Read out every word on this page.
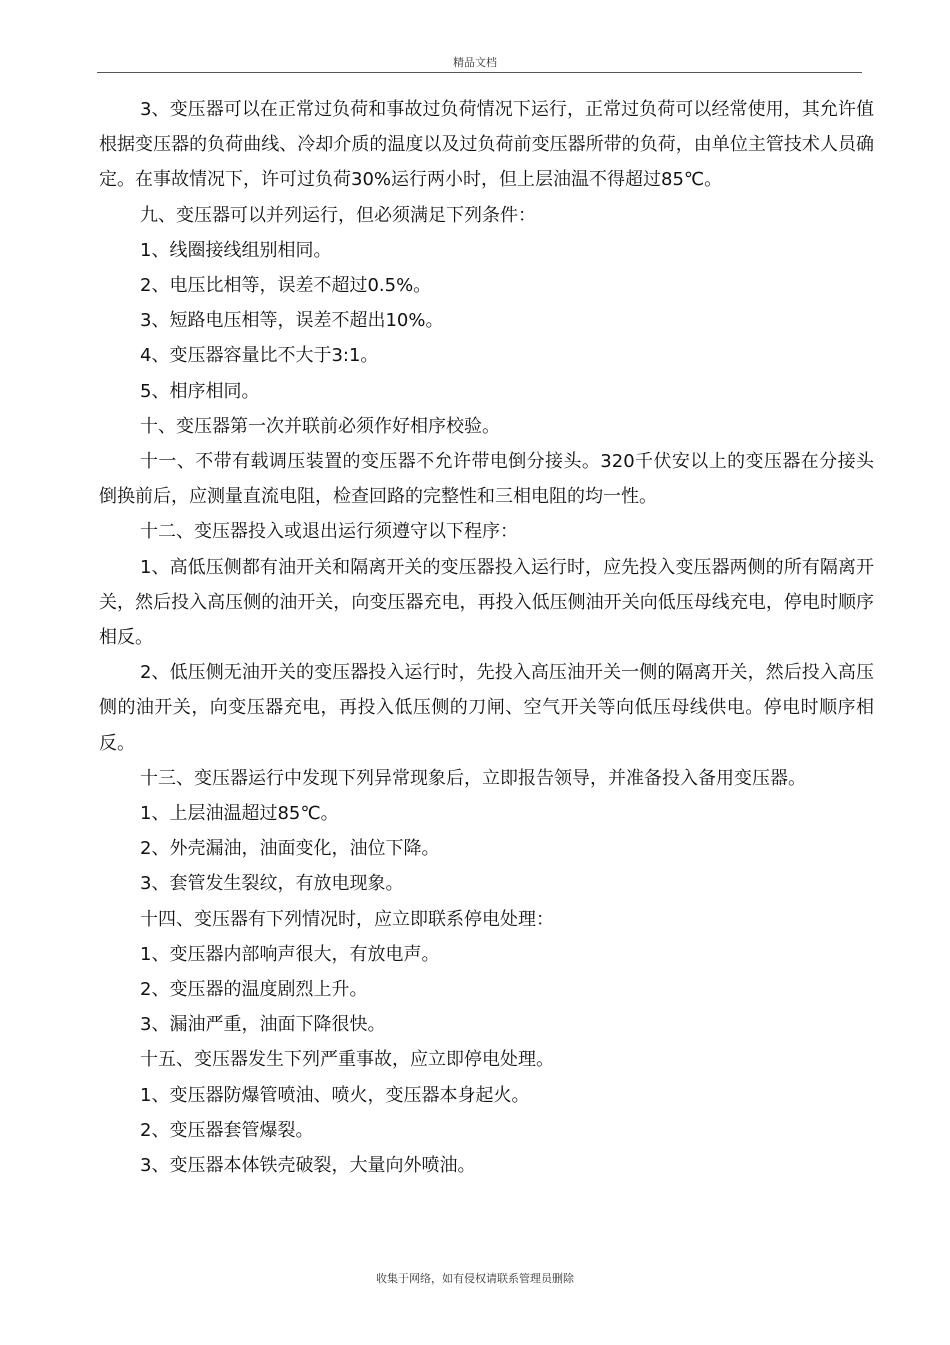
精品文档

3、变压器可以在正常过负荷和事故过负荷情况下运行，正常过负荷可以经常使用，其允许值根据变压器的负荷曲线、冷却介质的温度以及过负荷前变压器所带的负荷，由单位主管技术人员确定。在事故情况下，许可过负荷30%运行两小时，但上层油温不得超过85℃。

九、变压器可以并列运行，但必须满足下列条件：

1、线圈接线组别相同。

2、电压比相等，误差不超过0.5%。

3、短路电压相等，误差不超出10%。

4、变压器容量比不大于3:1。

5、相序相同。

十、变压器第一次并联前必须作好相序校验。

十一、不带有载调压装置的变压器不允许带电倒分接头。320千伏安以上的变压器在分接头倒换前后，应测量直流电阻，检查回路的完整性和三相电阻的均一性。

十二、变压器投入或退出运行须遵守以下程序：

1、高低压侧都有油开关和隔离开关的变压器投入运行时，应先投入变压器两侧的所有隔离开关，然后投入高压侧的油开关，向变压器充电，再投入低压侧油开关向低压母线充电，停电时顺序相反。

2、低压侧无油开关的变压器投入运行时，先投入高压油开关一侧的隔离开关，然后投入高压侧的油开关，向变压器充电，再投入低压侧的刀闸、空气开关等向低压母线供电。停电时顺序相反。

十三、变压器运行中发现下列异常现象后，立即报告领导，并准备投入备用变压器。

1、上层油温超过85℃。

2、外壳漏油，油面变化，油位下降。

3、套管发生裂纹，有放电现象。

十四、变压器有下列情况时，应立即联系停电处理：

1、变压器内部响声很大，有放电声。

2、变压器的温度剧烈上升。

3、漏油严重，油面下降很快。

十五、变压器发生下列严重事故，应立即停电处理。

1、变压器防爆管喷油、喷火，变压器本身起火。

2、变压器套管爆裂。

3、变压器本体铁壳破裂，大量向外喷油。

收集于网络，如有侵权请联系管理员删除
